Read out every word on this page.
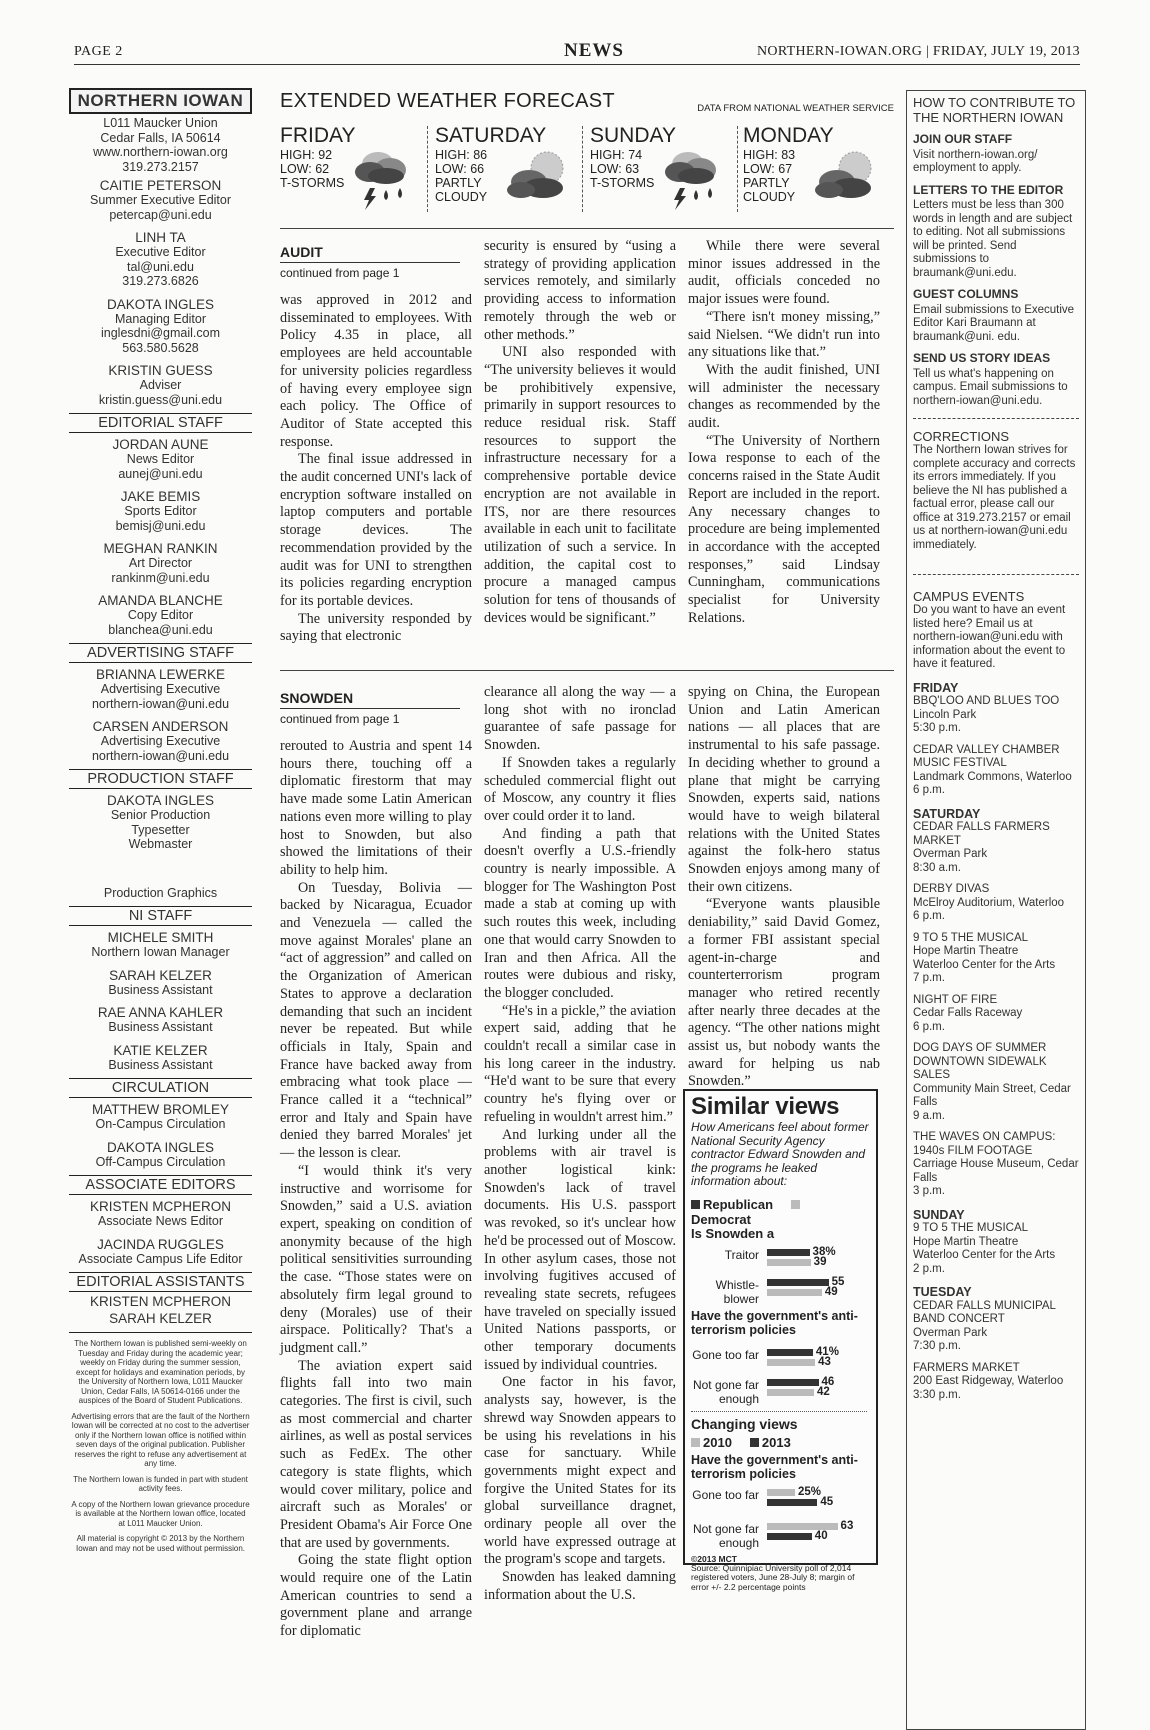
PAGE 2	NEWS	NORTHERN-IOWAN.ORG | FRIDAY, JULY 19, 2013
NORTHERN IOWAN
L011 Maucker Union
Cedar Falls, IA 50614
www.northern-iowan.org
319.273.2157
CAITIE PETERSON
Summer Executive Editor
petercap@uni.edu
LINH TA
Executive Editor
tal@uni.edu
319.273.6826
DAKOTA INGLES
Managing Editor
inglesdni@gmail.com
563.580.5628
KRISTIN GUESS
Adviser
kristin.guess@uni.edu
EDITORIAL STAFF
JORDAN AUNE
News Editor
aunej@uni.edu
JAKE BEMIS
Sports Editor
bemisj@uni.edu
MEGHAN RANKIN
Art Director
rankinm@uni.edu
AMANDA BLANCHE
Copy Editor
blanchea@uni.edu
ADVERTISING STAFF
BRIANNA LEWERKE
Advertising Executive
northern-iowan@uni.edu
CARSEN ANDERSON
Advertising Executive
northern-iowan@uni.edu
PRODUCTION STAFF
DAKOTA INGLES
Senior Production
Typesetter
Webmaster
Production Graphics
NI STAFF
MICHELE SMITH
Northern Iowan Manager
SARAH KELZER
Business Assistant
RAE ANNA KAHLER
Business Assistant
KATIE KELZER
Business Assistant
CIRCULATION
MATTHEW BROMLEY
On-Campus Circulation
DAKOTA INGLES
Off-Campus Circulation
ASSOCIATE EDITORS
KRISTEN MCPHERON
Associate News Editor
JACINDA RUGGLES
Associate Campus Life Editor
EDITORIAL ASSISTANTS
KRISTEN MCPHERON
SARAH KELZER
The Northern Iowan is published semi-weekly on Tuesday and Friday during the academic year; weekly on Friday during the summer session, except for holidays and examination periods, by the University of Northern Iowa, L011 Maucker Union, Cedar Falls, IA 50614-0166 under the auspices of the Board of Student Publications.
Advertising errors that are the fault of the Northern Iowan will be corrected at no cost to the advertiser only if the Northern Iowan office is notified within seven days of the original publication. Publisher reserves the right to refuse any advertisement at any time.
The Northern Iowan is funded in part with student activity fees.
A copy of the Northern Iowan grievance procedure is available at the Northern Iowan office, located at L011 Maucker Union.
All material is copyright © 2013 by the Northern Iowan and may not be used without permission.
EXTENDED WEATHER FORECAST	DATA FROM NATIONAL WEATHER SERVICE
FRIDAY
HIGH: 92
LOW: 62
T-STORMS
SATURDAY
HIGH: 86
LOW: 66
PARTLY
CLOUDY
SUNDAY
HIGH: 74
LOW: 63
T-STORMS
MONDAY
HIGH: 83
LOW: 67
PARTLY
CLOUDY
AUDIT
continued from page 1

was approved in 2012 and disseminated to employees. With Policy 4.35 in place, all employees are held accountable for university policies regardless of having every employee sign each policy. The Office of Auditor of State accepted this response.

The final issue addressed in the audit concerned UNI's lack of encryption software installed on laptop computers and portable storage devices. The recommendation provided by the audit was for UNI to strengthen its policies regarding encryption for its portable devices.

The university responded by saying that electronic

security is ensured by “using a strategy of providing application services remotely, and similarly providing access to information remotely through the web or other methods.”

UNI also responded with “The university believes it would be prohibitively expensive, primarily in support resources to reduce residual risk. Staff resources to support the infrastructure necessary for a comprehensive portable device encryption are not available in ITS, nor are there resources available in each unit to facilitate utilization of such a service. In addition, the capital cost to procure a managed campus solution for tens of thousands of devices would be significant.”

While there were several minor issues addressed in the audit, officials conceded no major issues were found.

“There isn't money missing,” said Nielsen. “We didn't run into any situations like that.”

With the audit finished, UNI will administer the necessary changes as recommended by the audit.

“The University of Northern Iowa response to each of the concerns raised in the State Audit Report are included in the report. Any necessary changes to procedure are being implemented in accordance with the accepted responses,” said Lindsay Cunningham, communications specialist for University Relations.

SNOWDEN
continued from page 1

rerouted to Austria and spent 14 hours there, touching off a diplomatic firestorm that may have made some Latin American nations even more willing to play host to Snowden, but also showed the limitations of their ability to help him.

On Tuesday, Bolivia — backed by Nicaragua, Ecuador and Venezuela — called the move against Morales' plane an “act of aggression” and called on the Organization of American States to approve a declaration demanding that such an incident never be repeated. But while officials in Italy, Spain and France have backed away from embracing what took place — France called it a “technical” error and Italy and Spain have denied they barred Morales' jet — the lesson is clear.

“I would think it's very instructive and worrisome for Snowden,” said a U.S. aviation expert, speaking on condition of anonymity because of the high political sensitivities surrounding the case. “Those states were on absolutely firm legal ground to deny (Morales) use of their airspace. Politically? That's a judgment call.”

The aviation expert said flights fall into two main categories. The first is civil, such as most commercial and charter airlines, as well as postal services such as FedEx. The other category is state flights, which would cover military, police and aircraft such as Morales' or President Obama's Air Force One that are used by governments.

Going the state flight option would require one of the Latin American countries to send a government plane and arrange for diplomatic

clearance all along the way — a long shot with no ironclad guarantee of safe passage for Snowden.

If Snowden takes a regularly scheduled commercial flight out of Moscow, any country it flies over could order it to land.

And finding a path that doesn't overfly a U.S.-friendly country is nearly impossible. A blogger for The Washington Post made a stab at coming up with such routes this week, including one that would carry Snowden to Iran and then Africa. All the routes were dubious and risky, the blogger concluded.

“He's in a pickle,” the aviation expert said, adding that he couldn't recall a similar case in his long career in the industry. “He'd want to be sure that every country he's flying over or refueling in wouldn't arrest him.”

And lurking under all the problems with air travel is another logistical kink: Snowden's lack of travel documents. His U.S. passport was revoked, so it's unclear how he'd be processed out of Moscow. In other asylum cases, those not involving fugitives accused of revealing state secrets, refugees have traveled on specially issued United Nations passports, or other temporary documents issued by individual countries.

One factor in his favor, analysts say, however, is the shrewd way Snowden appears to be using his revelations in his case for sanctuary. While governments might expect and forgive the United States for its global surveillance dragnet, ordinary people all over the world have expressed outrage at the program's scope and targets.

Snowden has leaked damning information about the U.S.

spying on China, the European Union and Latin American nations — all places that are instrumental to his safe passage. In deciding whether to ground a plane that might be carrying Snowden, experts said, nations would have to weigh bilateral relations with the United States against the folk-hero status Snowden enjoys among many of their own citizens.

“Everyone wants plausible deniability,” said David Gomez, a former FBI assistant special agent-in-charge and counterterrorism program manager who retired recently after nearly three decades at the agency. “The other nations might assist us, but nobody wants the award for helping us nab Snowden.”

Similar views
How Americans feel about former National Security Agency contractor Edward Snowden and the programs he leaked information about:
RepublicanDemocrat
Is Snowden a
Traitor	38%
39
Whistle-blower
55
49
Have the government's anti-terrorism policies
Gone too far	41%
43
Not gone far enough
46
42
Changing views
2010 2013
Have the government's anti-terrorism policies
Gone too far	25%
45
Not gone far enough
63
40
©2013 MCT
Source: Quinnipiac University poll of 2,014 registered voters, June 28-July 8; margin of error +/- 2.2 percentage points
HOW TO CONTRIBUTE TO THE NORTHERN IOWAN
JOIN OUR STAFF
Visit northern-iowan.org/ employment to apply.
LETTERS TO THE EDITOR
Letters must be less than 300 words in length and are subject to editing. Not all submissions will be printed. Send submissions to braumank@uni.edu.
GUEST COLUMNS
Email submissions to Executive Editor Kari Braumann at braumank@uni. edu.
SEND US STORY IDEAS
Tell us what's happening on campus. Email submissions to northern-iowan@uni.edu.
CORRECTIONS
The Northern Iowan strives for complete accuracy and corrects its errors immediately. If you believe the NI has published a factual error, please call our office at 319.273.2157 or email us at northern-iowan@uni.edu immediately.
CAMPUS EVENTS
Do you want to have an event listed here? Email us at northern-iowan@uni.edu with information about the event to have it featured.
FRIDAY
BBQ'LOO AND BLUES TOO
Lincoln Park
5:30 p.m.
CEDAR VALLEY CHAMBER MUSIC FESTIVAL
Landmark Commons, Waterloo
6 p.m.
SATURDAY
CEDAR FALLS FARMERS MARKET
Overman Park
8:30 a.m.
DERBY DIVAS
McElroy Auditorium, Waterloo
6 p.m.
9 TO 5 THE MUSICAL
Hope Martin Theatre
Waterloo Center for the Arts
7 p.m.
NIGHT OF FIRE
Cedar Falls Raceway
6 p.m.
DOG DAYS OF SUMMER DOWNTOWN SIDEWALK SALES
Community Main Street, Cedar Falls
9 a.m.
THE WAVES ON CAMPUS: 1940s FILM FOOTAGE
Carriage House Museum, Cedar Falls
3 p.m.
SUNDAY
9 TO 5 THE MUSICAL
Hope Martin Theatre
Waterloo Center for the Arts
2 p.m.
TUESDAY
CEDAR FALLS MUNICIPAL BAND CONCERT
Overman Park
7:30 p.m.
FARMERS MARKET
200 East Ridgeway, Waterloo
3:30 p.m.
